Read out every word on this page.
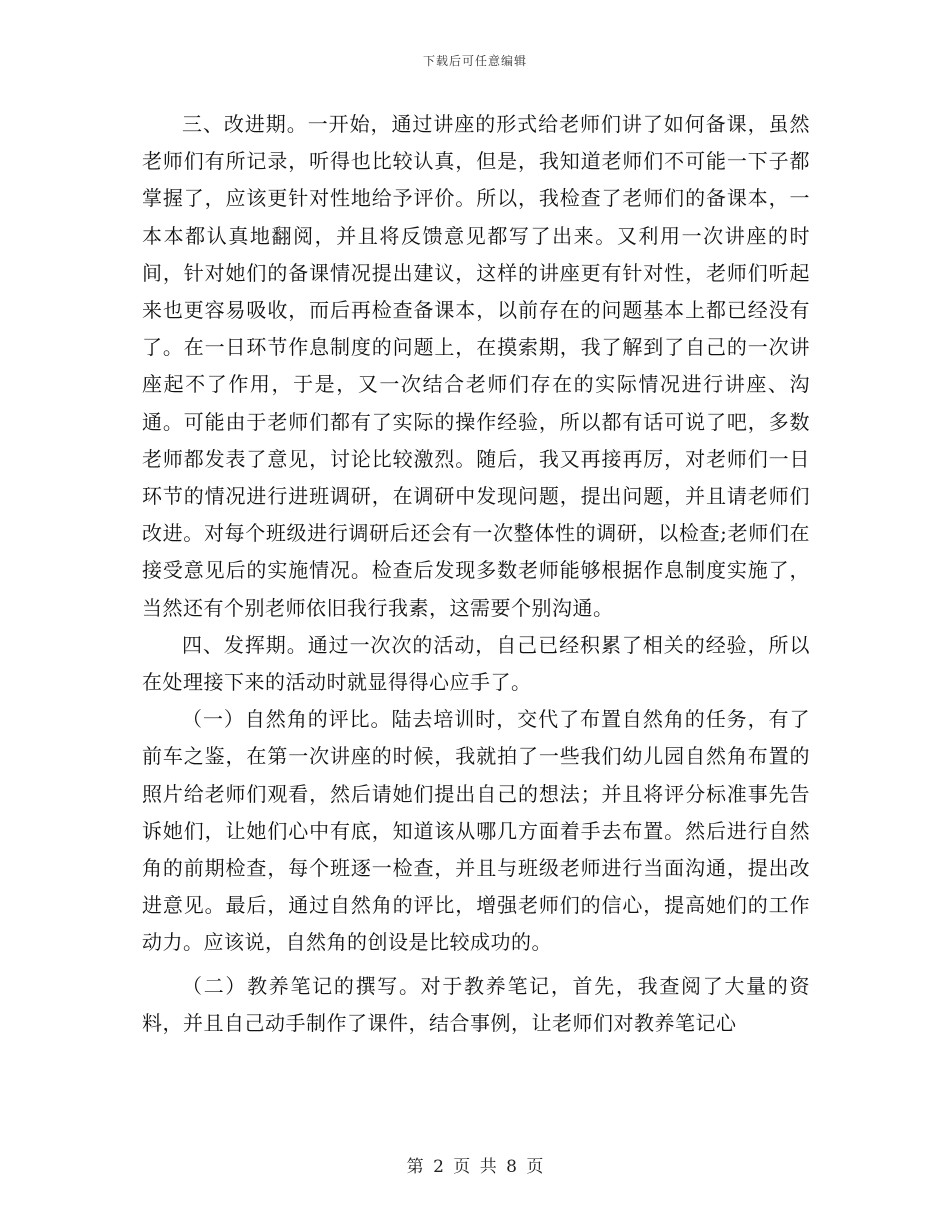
下载后可任意编辑

三、改进期。一开始，通过讲座的形式给老师们讲了如何备课，虽然老师们有所记录，听得也比较认真，但是，我知道老师们不可能一下子都掌握了，应该更针对性地给予评价。所以，我检查了老师们的备课本，一本本都认真地翻阅，并且将反馈意见都写了出来。又利用一次讲座的时间，针对她们的备课情况提出建议，这样的讲座更有针对性，老师们听起来也更容易吸收，而后再检查备课本，以前存在的问题基本上都已经没有了。在一日环节作息制度的问题上，在摸索期，我了解到了自己的一次讲座起不了作用，于是，又一次结合老师们存在的实际情况进行讲座、沟通。可能由于老师们都有了实际的操作经验，所以都有话可说了吧，多数老师都发表了意见，讨论比较激烈。随后，我又再接再厉，对老师们一日环节的情况进行进班调研，在调研中发现问题，提出问题，并且请老师们改进。对每个班级进行调研后还会有一次整体性的调研，以检查;老师们在接受意见后的实施情况。检查后发现多数老师能够根据作息制度实施了，当然还有个别老师依旧我行我素，这需要个别沟通。

四、发挥期。通过一次次的活动，自己已经积累了相关的经验，所以在处理接下来的活动时就显得得心应手了。

（一）自然角的评比。陆去培训时，交代了布置自然角的任务，有了前车之鉴，在第一次讲座的时候，我就拍了一些我们幼儿园自然角布置的照片给老师们观看，然后请她们提出自己的想法；并且将评分标准事先告诉她们，让她们心中有底，知道该从哪几方面着手去布置。然后进行自然角的前期检查，每个班逐一检查，并且与班级老师进行当面沟通，提出改进意见。最后，通过自然角的评比，增强老师们的信心，提高她们的工作动力。应该说，自然角的创设是比较成功的。

（二）教养笔记的撰写。对于教养笔记，首先，我查阅了大量的资料，并且自己动手制作了课件，结合事例，让老师们对教养笔记心

第 2 页 共 8 页
